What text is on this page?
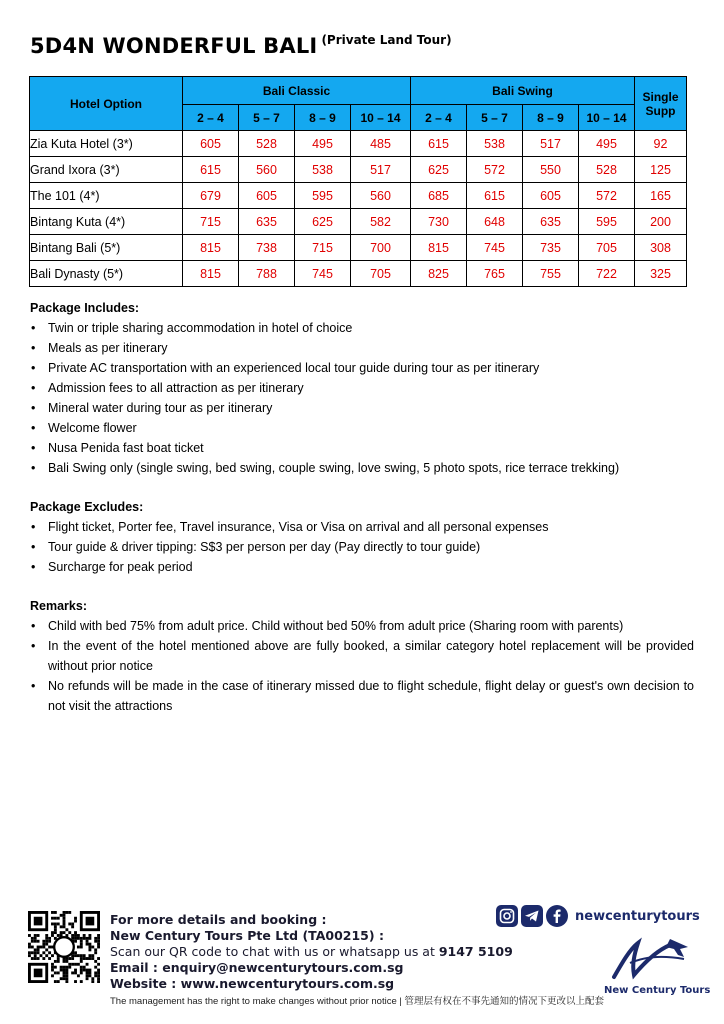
5D4N WONDERFUL BALI $^{(Private Land Tour)}$
Hotel Option	Bali Classic				Bali Swing				Single
Supp
	2 – 4	5 – 7	8 – 9	10 – 14	2 – 4	5 – 7	8 – 9	10 – 14	
Zia Kuta Hotel (3*)	605	528	495	485	615	538	517	495	92
Grand Ixora (3*)	615	560	538	517	625	572	550	528	125
The 101 (4*)	679	605	595	560	685	615	605	572	165
Bintang Kuta (4*)	715	635	625	582	730	648	635	595	200
Bintang Bali (5*)	815	738	715	700	815	745	735	705	308
Bali Dynasty (5*)	815	788	745	705	825	765	755	722	325

Package Includes:

• Twin or triple sharing accommodation in hotel of choice
• Meals as per itinerary
• Private AC transportation with an experienced local tour guide during tour as per itinerary
• Admission fees to all attraction as per itinerary
• Mineral water during tour as per itinerary
• Welcome flower
• Nusa Penida fast boat ticket
• Bali Swing only (single swing, bed swing, couple swing, love swing, 5 photo spots, rice terrace trekking)

Package Excludes:

• Flight ticket, Porter fee, Travel insurance, Visa or Visa on arrival and all personal expenses
• Tour guide & driver tipping: S$3 per person per day (Pay directly to tour guide)
• Surcharge for peak period

Remarks:

• Child with bed 75% from adult price. Child without bed 50% from adult price (Sharing room with parents)
• In the event of the hotel mentioned above are fully booked, a similar category hotel replacement will be provided without prior notice
• No refunds will be made in the case of itinerary missed due to flight schedule, flight delay or guest's own decision to not visit the attractions
For more details and booking :
New Century Tours Pte Ltd (TA00215) :
Scan our QR code to chat with us or whatsapp us at 9147 5109
Email : enquiry@newcenturytours.com.sg
Website : www.newcenturytours.com.sg
newcenturytours
New Century Tours
The management has the right to make changes without prior notice | 管理层有权在不事先通知的情况下更改以上配套
